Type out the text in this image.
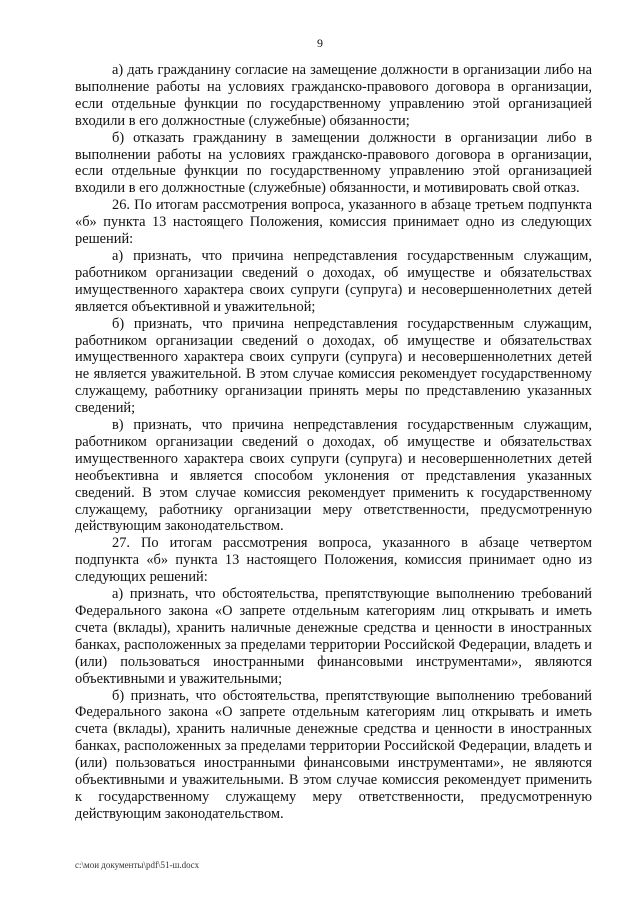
9

а) дать гражданину согласие на замещение должности в организации либо на выполнение работы на условиях гражданско-правового договора в организации, если отдельные функции по государственному управлению этой организацией входили в его должностные (служебные) обязанности;

б) отказать гражданину в замещении должности в организации либо в выполнении работы на условиях гражданско-правового договора в организации, если отдельные функции по государственному управлению этой организацией входили в его должностные (служебные) обязанности, и мотивировать свой отказ.

26. По итогам рассмотрения вопроса, указанного в абзаце третьем подпункта «б» пункта 13 настоящего Положения, комиссия принимает одно из следующих решений:

а) признать, что причина непредставления государственным служащим, работником организации сведений о доходах, об имуществе и обязательствах имущественного характера своих супруги (супруга) и несовершеннолетних детей является объективной и уважительной;

б) признать, что причина непредставления государственным служащим, работником организации сведений о доходах, об имуществе и обязательствах имущественного характера своих супруги (супруга) и несовершеннолетних детей не является уважительной. В этом случае комиссия рекомендует государственному служащему, работнику организации принять меры по представлению указанных сведений;

в) признать, что причина непредставления государственным служащим, работником организации сведений о доходах, об имуществе и обязательствах имущественного характера своих супруги (супруга) и несовершеннолетних детей необъективна и является способом уклонения от представления указанных сведений. В этом случае комиссия рекомендует применить к государственному служащему, работнику организации меру ответственности, предусмотренную действующим законодательством.

27. По итогам рассмотрения вопроса, указанного в абзаце четвертом подпункта «б» пункта 13 настоящего Положения, комиссия принимает одно из следующих решений:

а) признать, что обстоятельства, препятствующие выполнению требований Федерального закона «О запрете отдельным категориям лиц открывать и иметь счета (вклады), хранить наличные денежные средства и ценности в иностранных банках, расположенных за пределами территории Российской Федерации, владеть и (или) пользоваться иностранными финансовыми инструментами», являются объективными и уважительными;

б) признать, что обстоятельства, препятствующие выполнению требований Федерального закона «О запрете отдельным категориям лиц открывать и иметь счета (вклады), хранить наличные денежные средства и ценности в иностранных банках, расположенных за пределами территории Российской Федерации, владеть и (или) пользоваться иностранными финансовыми инструментами», не являются объективными и уважительными. В этом случае комиссия рекомендует применить к государственному служащему меру ответственности, предусмотренную действующим законодательством.

c:\мои документы\pdf\51-ш.docx
